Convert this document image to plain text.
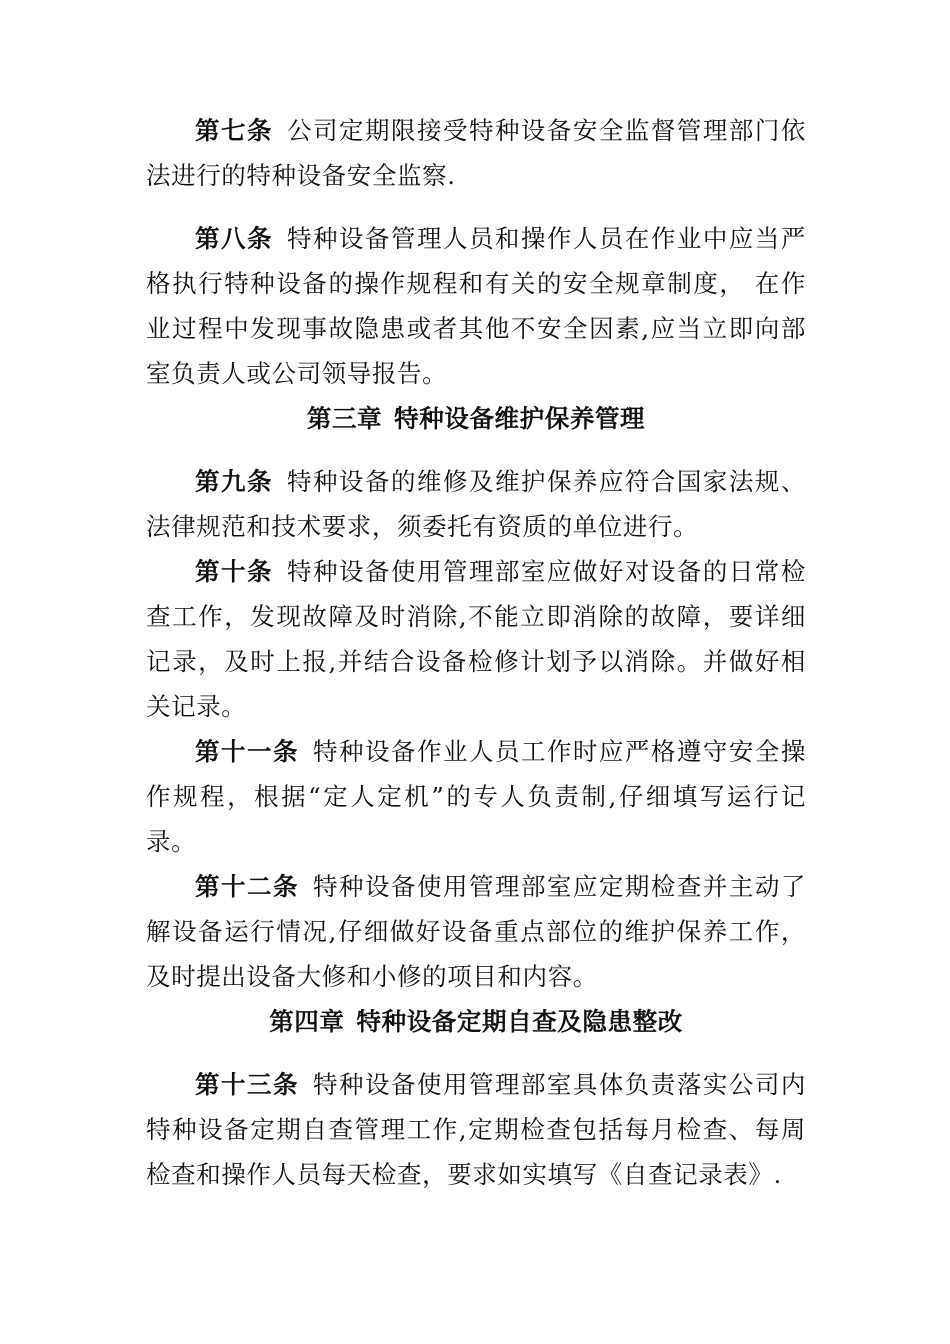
第七条 公司定期限接受特种设备安全监督管理部门依法进行的特种设备安全监察.

第八条 特种设备管理人员和操作人员在作业中应当严格执行特种设备的操作规程和有关的安全规章制度， 在作业过程中发现事故隐患或者其他不安全因素,应当立即向部室负责人或公司领导报告。

第三章 特种设备维护保养管理

第九条 特种设备的维修及维护保养应符合国家法规、法律规范和技术要求，须委托有资质的单位进行。

第十条 特种设备使用管理部室应做好对设备的日常检查工作，发现故障及时消除,不能立即消除的故障，要详细记录，及时上报,并结合设备检修计划予以消除。并做好相关记录。

第十一条 特种设备作业人员工作时应严格遵守安全操作规程，根据“定人定机”的专人负责制,仔细填写运行记录。

第十二条 特种设备使用管理部室应定期检查并主动了解设备运行情况,仔细做好设备重点部位的维护保养工作，及时提出设备大修和小修的项目和内容。

第四章 特种设备定期自查及隐患整改

第十三条 特种设备使用管理部室具体负责落实公司内特种设备定期自查管理工作,定期检查包括每月检查、每周检查和操作人员每天检查，要求如实填写《自查记录表》.
